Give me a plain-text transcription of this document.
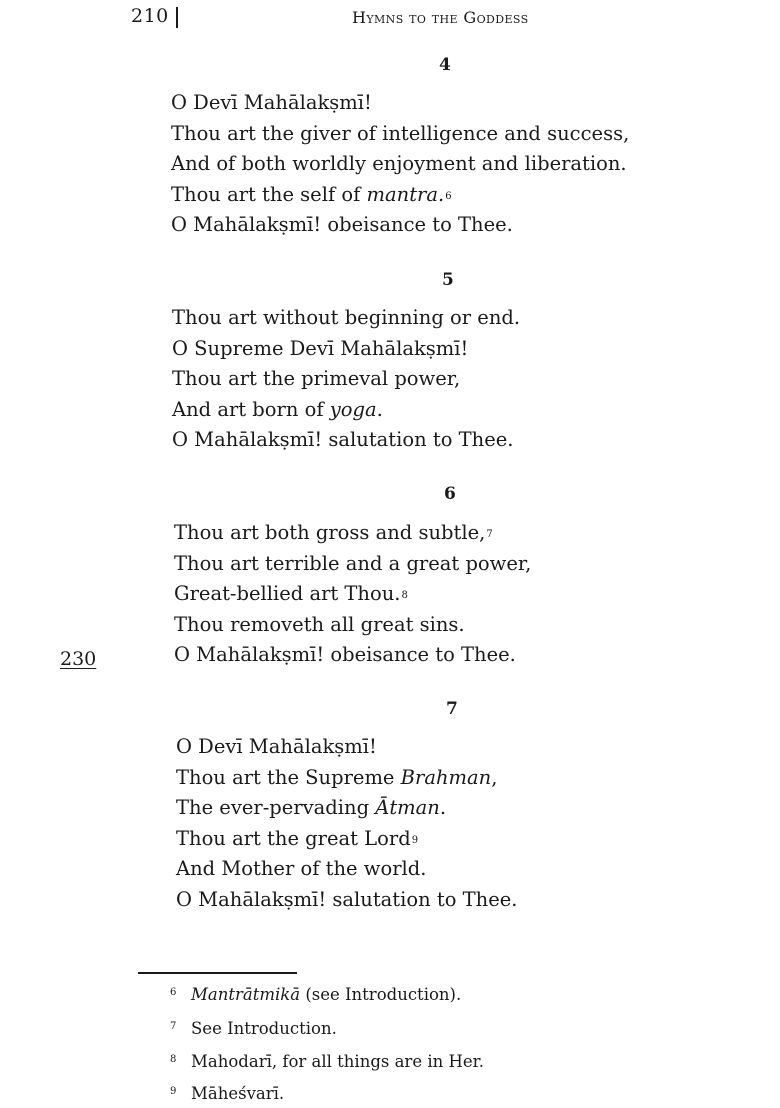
210	Hymns to the Goddess
4
O Devī Mahālakṣmī!
Thou art the giver of intelligence and success,
And of both worldly enjoyment and liberation.
Thou art the self of mantra.$^6$
O Mahālakṣmī! obeisance to Thee.
5
Thou art without beginning or end.
O Supreme Devī Mahālakṣmī!
Thou art the primeval power,
And art born of yoga.
O Mahālakṣmī! salutation to Thee.
6
Thou art both gross and subtle,$^7$
Thou art terrible and a great power,
Great-bellied art Thou.$^8$
Thou removeth all great sins.
O Mahālakṣmī! obeisance to Thee.
230
7
O Devī Mahālakṣmī!
Thou art the Supreme Brahman,
The ever-pervading Ātman.
Thou art the great Lord$^9$
And Mother of the world.
O Mahālakṣmī! salutation to Thee.
6 Mantrātmikā (see Introduction).
7 See Introduction.
8 Mahodarī, for all things are in Her.
9 Māheśvarī.
